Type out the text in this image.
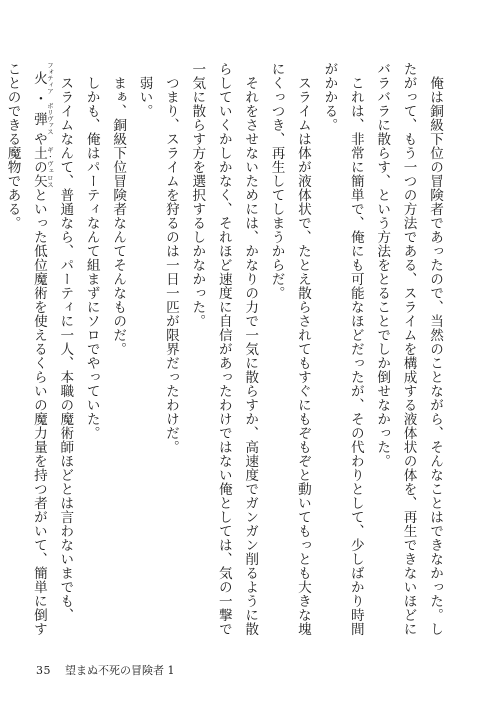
俺は銅級下位の冒険者であったので、当然のことながら、そんなことはできなかった。したがって、もう一つの方法である、スライムを構成する液体状の体を、再生できないほどにバラバラに散らす、という方法をとることでしか倒せなかった。

これは、非常に簡単で、俺にも可能なほどだったが、その代わりとして、少しばかり時間がかかる。

スライムは体が液体状で、たとえ散らされてもすぐにもぞもぞと動いてもっとも大きな塊にくっつき、再生してしまうからだ。

それをさせないためには、かなりの力で一気に散らすか、高速度でガンガン削るように散らしていくかしかなく、それほど速度に自信があったわけではない俺としては、気の一撃で一気に散らす方を選択するしかなかった。

つまり、スライムを狩るのは一日一匹が限界だったわけだ。

弱い。

まぁ、銅級下位冒険者なんてそんなものだ。

しかも、俺はパーティなんて組まずにソロでやっていた。

スライムなんて、普通なら、パーティに一人、本職の魔術師ほどとは言わないまでも、火 フォティア・弾 ボリヴァスや土の矢 ギ・ヴェロスといった低位魔術を使えるくらいの魔力量を持つ者がいて、簡単に倒すことのできる魔物である。

35 望まぬ不死の冒険者 1
